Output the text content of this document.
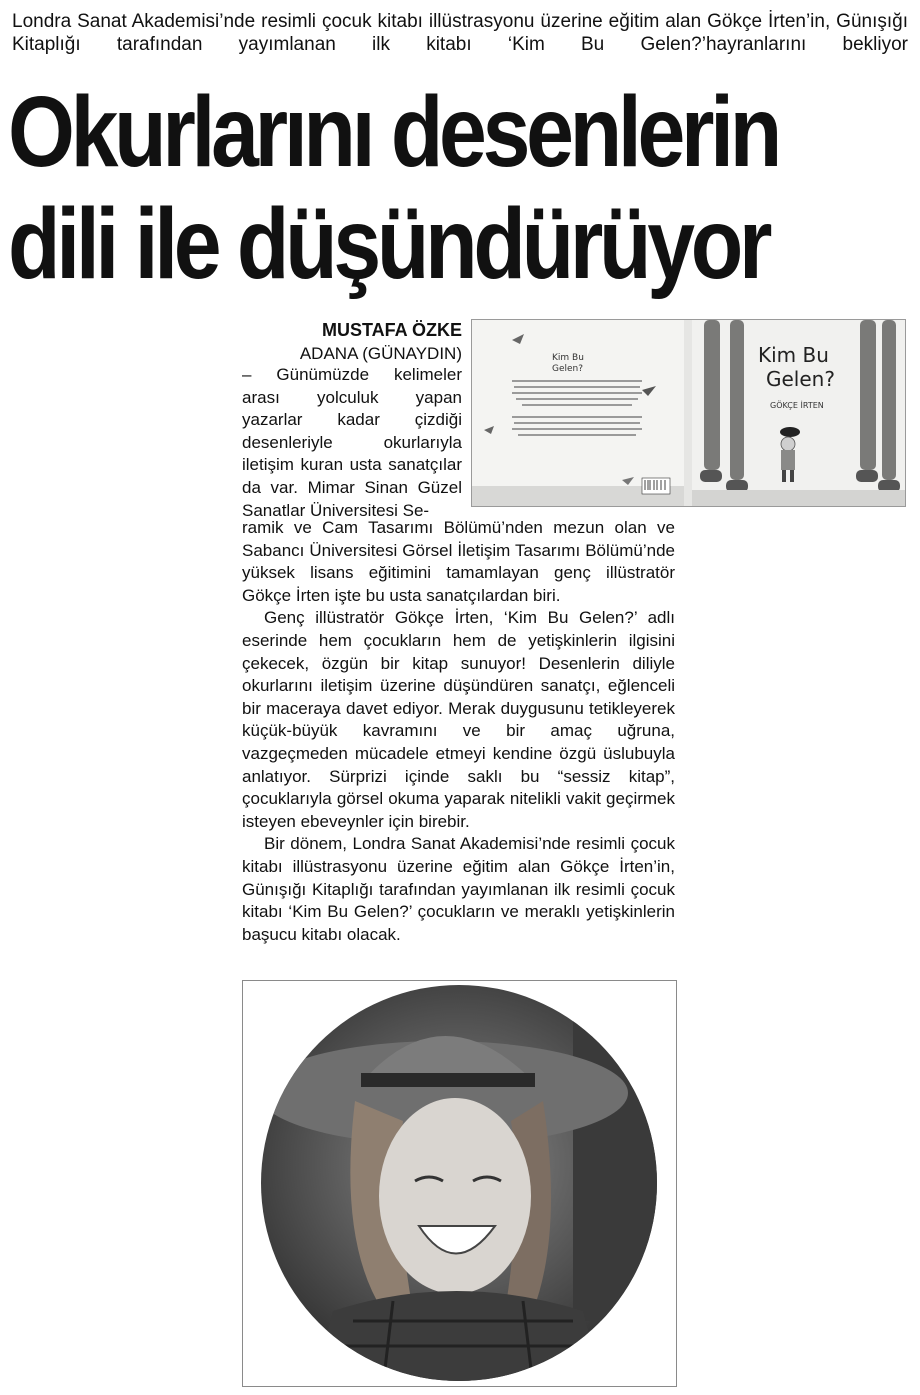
Londra Sanat Akademisi’nde resimli çocuk kitabı illüstrasyonu üzerine eğitim alan Gökçe İrten’in, Günışığı Kitaplığı tarafından yayımlanan ilk kitabı ‘Kim Bu Gelen?’hayranlarını bekliyor
Okurlarını desenlerin
dili ile düşündürüyor
MUSTAFA ÖZKE
ADANA (GÜNAYDIN)

– Günümüzde kelimeler arası yolculuk yapan yazarlar kadar çizdiği desenleriyle okurlarıyla iletişim kuran usta sanatçılar da var. Mimar Sinan Güzel Sanatlar Üniversitesi Se-

ramik ve Cam Tasarımı Bölümü’nden mezun olan ve Sabancı Üniversitesi Görsel İletişim Tasarımı Bölümü’nde yüksek lisans eğitimini tamamlayan genç illüstratör Gökçe İrten işte bu usta sanatçılardan biri.

Genç illüstratör Gökçe İrten, ‘Kim Bu Gelen?’ adlı eserinde hem çocukların hem de yetişkinlerin ilgisini çekecek, özgün bir kitap sunuyor! Desenlerin diliyle okurlarını iletişim üzerine düşündüren sanatçı, eğlenceli bir maceraya davet ediyor. Merak duygusunu tetikleyerek küçük-büyük kavramını ve bir amaç uğruna, vazgeçmeden mücadele etmeyi kendine özgü üslubuyla anlatıyor. Sürprizi içinde saklı bu “sessiz kitap”, çocuklarıyla görsel okuma yaparak nitelikli vakit geçirmek isteyen ebeveynler için birebir.

Bir dönem, Londra Sanat Akademisi’nde resimli çocuk kitabı illüstrasyonu üzerine eğitim alan Gökçe İrten’in, Günışığı Kitaplığı tarafından yayımlanan ilk resimli çocuk kitabı ‘Kim Bu Gelen?’ çocukların ve meraklı yetişkinlerin başucu kitabı olacak.

Kim Bu
Gelen?
Kim Bu
Gelen?
GÖKÇE İRTEN
